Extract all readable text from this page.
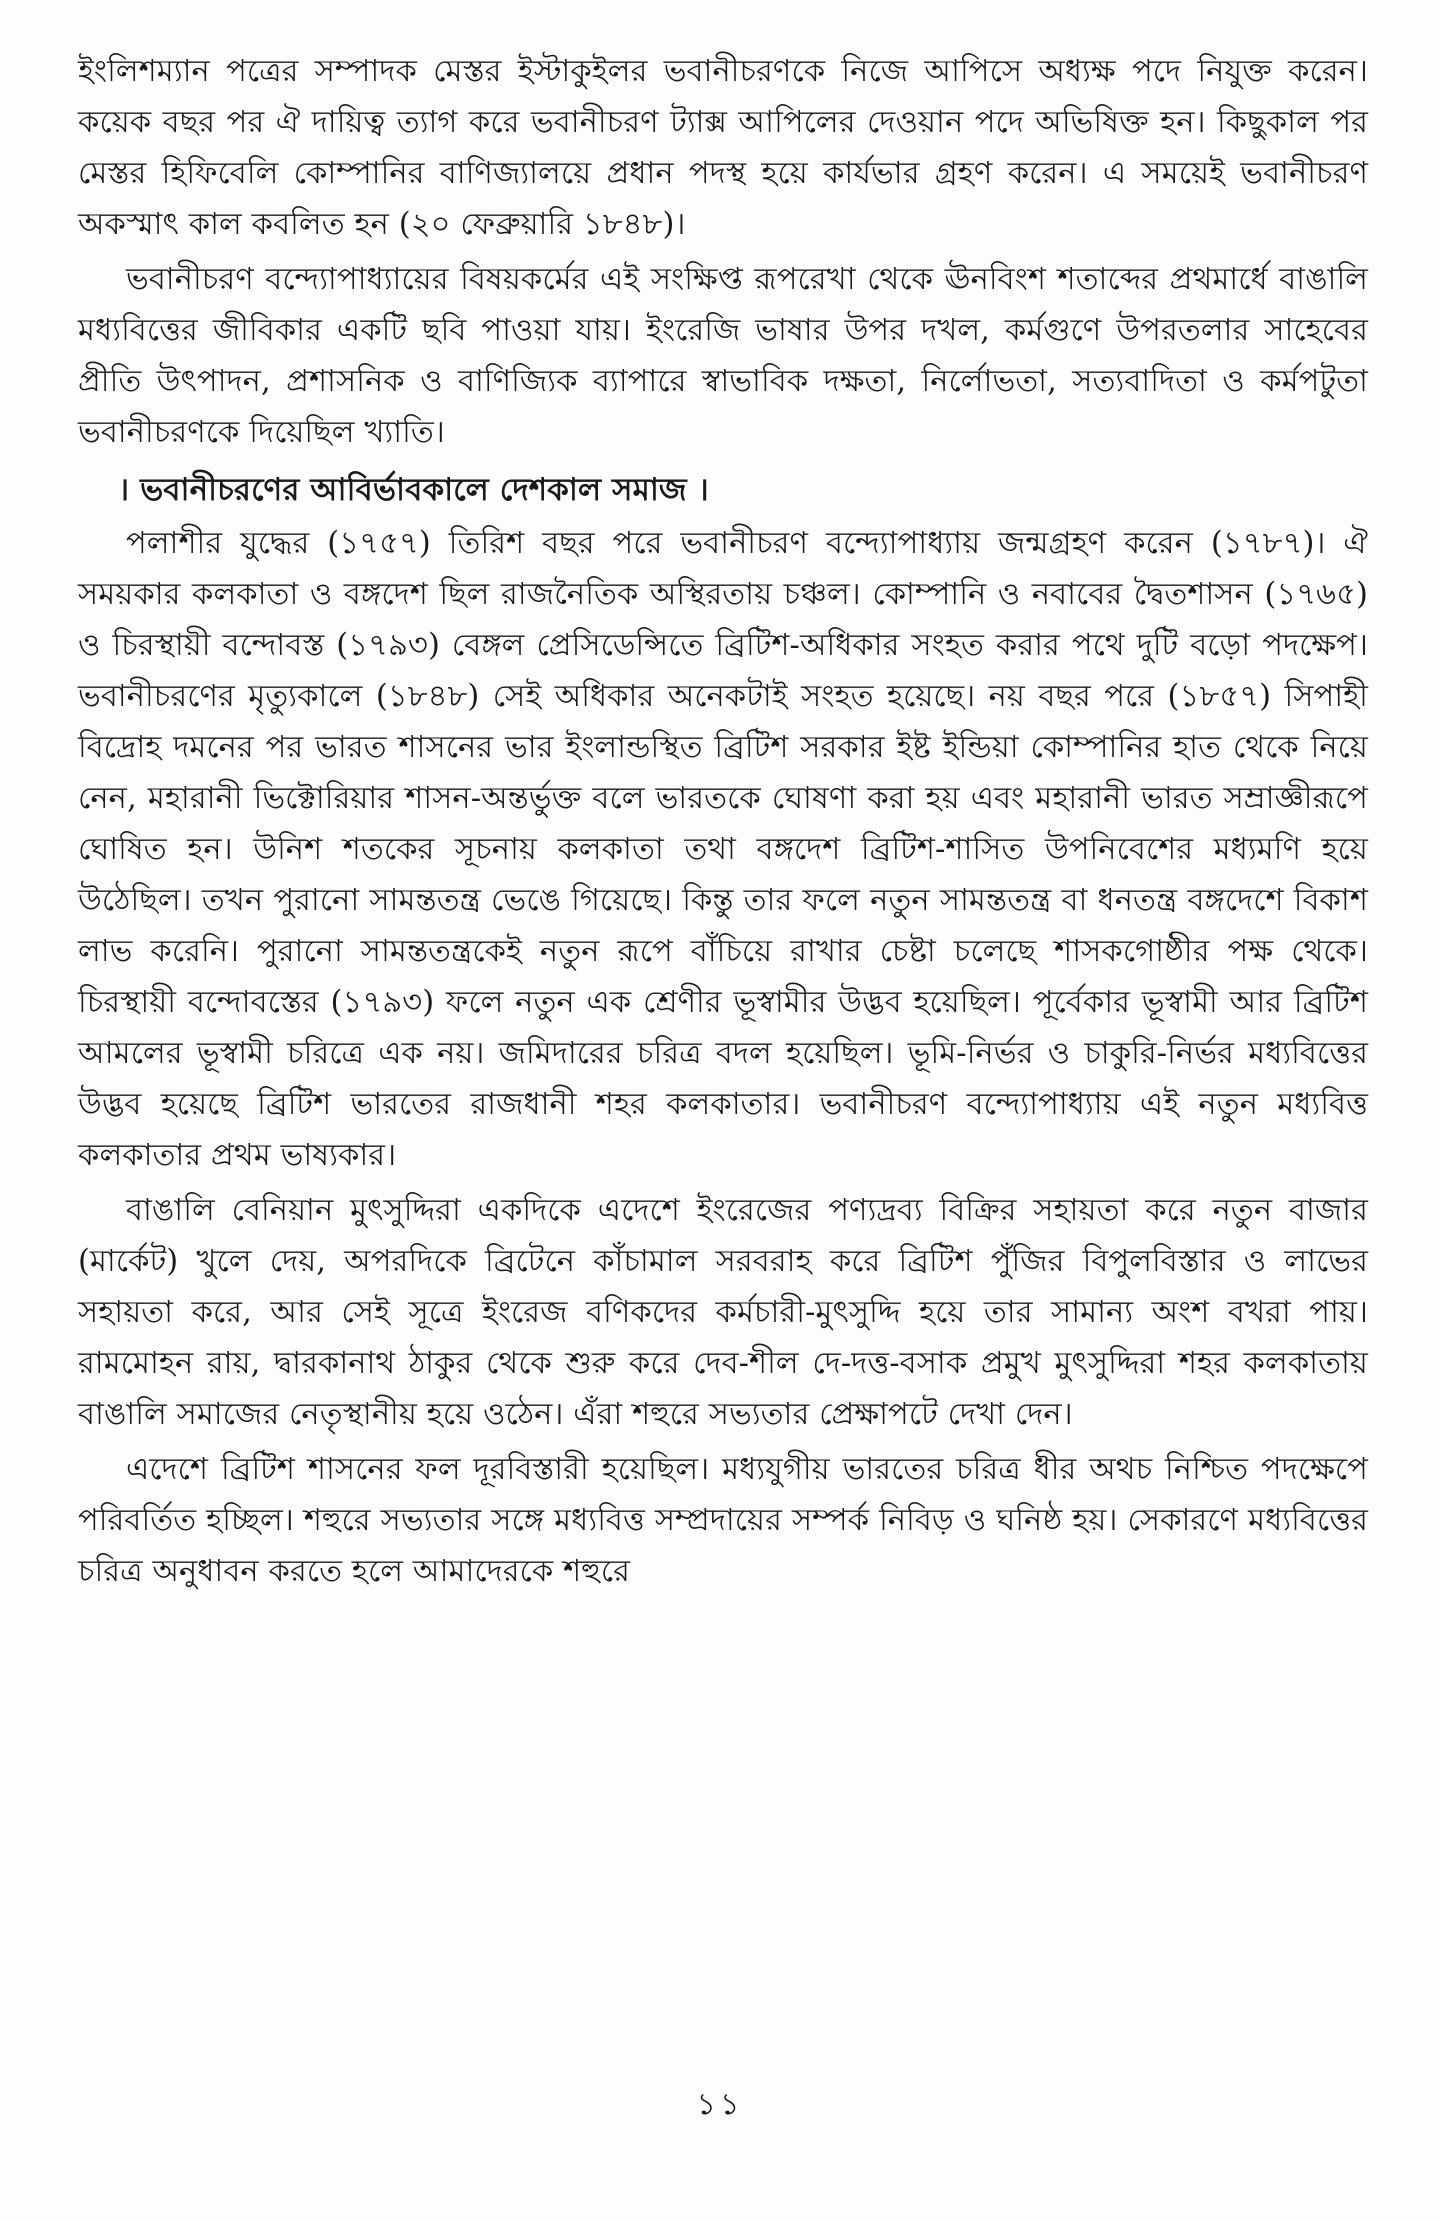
ইংলিশম্যান পত্রের সম্পাদক মেস্তর ইস্টাকুইলর ভবানীচরণকে নিজে আপিসে অধ্যক্ষ পদে নিযুক্ত করেন। কয়েক বছর পর ঐ দায়িত্ব ত্যাগ করে ভবানীচরণ ট্যাক্স আপিলের দেওয়ান পদে অভিষিক্ত হন। কিছুকাল পর মেস্তর হিফিবেলি কোম্পানির বাণিজ্যালয়ে প্রধান পদস্থ হয়ে কার্যভার গ্রহণ করেন। এ সময়েই ভবানীচরণ অকস্মাৎ কাল কবলিত হন (২০ ফেব্রুয়ারি ১৮৪৮)।

ভবানীচরণ বন্দ্যোপাধ্যায়ের বিষয়কর্মের এই সংক্ষিপ্ত রূপরেখা থেকে ঊনবিংশ শতাব্দের প্রথমার্ধে বাঙালি মধ্যবিত্তের জীবিকার একটি ছবি পাওয়া যায়। ইংরেজি ভাষার উপর দখল, কর্মগুণে উপরতলার সাহেবের প্রীতি উৎপাদন, প্রশাসনিক ও বাণিজ্যিক ব্যাপারে স্বাভাবিক দক্ষতা, নির্লোভতা, সত্যবাদিতা ও কর্মপটুতা ভবানীচরণকে দিয়েছিল খ্যাতি।

। ভবানীচরণের আবির্ভাবকালে দেশকাল সমাজ ।

পলাশীর যুদ্ধের (১৭৫৭) তিরিশ বছর পরে ভবানীচরণ বন্দ্যোপাধ্যায় জন্মগ্রহণ করেন (১৭৮৭)। ঐ সময়কার কলকাতা ও বঙ্গদেশ ছিল রাজনৈতিক অস্থিরতায় চঞ্চল। কোম্পানি ও নবাবের দ্বৈতশাসন (১৭৬৫) ও চিরস্থায়ী বন্দোবস্ত (১৭৯৩) বেঙ্গল প্রেসিডেন্সিতে ব্রিটিশ-অধিকার সংহত করার পথে দুটি বড়ো পদক্ষেপ। ভবানীচরণের মৃত্যুকালে (১৮৪৮) সেই অধিকার অনেকটাই সংহত হয়েছে। নয় বছর পরে (১৮৫৭) সিপাহী বিদ্রোহ দমনের পর ভারত শাসনের ভার ইংলান্ডস্থিত ব্রিটিশ সরকার ইষ্ট ইন্ডিয়া কোম্পানির হাত থেকে নিয়ে নেন, মহারানী ভিক্টোরিয়ার শাসন-অন্তর্ভুক্ত বলে ভারতকে ঘোষণা করা হয় এবং মহারানী ভারত সম্রাজ্ঞীরূপে ঘোষিত হন। উনিশ শতকের সূচনায় কলকাতা তথা বঙ্গদেশ ব্রিটিশ-শাসিত উপনিবেশের মধ্যমণি হয়ে উঠেছিল। তখন পুরানো সামন্ততন্ত্র ভেঙে গিয়েছে। কিন্তু তার ফলে নতুন সামন্ততন্ত্র বা ধনতন্ত্র বঙ্গদেশে বিকাশ লাভ করেনি। পুরানো সামন্ততন্ত্রকেই নতুন রূপে বাঁচিয়ে রাখার চেষ্টা চলেছে শাসকগোষ্ঠীর পক্ষ থেকে। চিরস্থায়ী বন্দোবস্তের (১৭৯৩) ফলে নতুন এক শ্রেণীর ভূস্বামীর উদ্ভব হয়েছিল। পূর্বেকার ভূস্বামী আর ব্রিটিশ আমলের ভূস্বামী চরিত্রে এক নয়। জমিদারের চরিত্র বদল হয়েছিল। ভূমি-নির্ভর ও চাকুরি-নির্ভর মধ্যবিত্তের উদ্ভব হয়েছে ব্রিটিশ ভারতের রাজধানী শহর কলকাতার। ভবানীচরণ বন্দ্যোপাধ্যায় এই নতুন মধ্যবিত্ত কলকাতার প্রথম ভাষ্যকার।

বাঙালি বেনিয়ান মুৎসুদ্দিরা একদিকে এদেশে ইংরেজের পণ্যদ্রব্য বিক্রির সহায়তা করে নতুন বাজার (মার্কেট) খুলে দেয়, অপরদিকে ব্রিটেনে কাঁচামাল সরবরাহ করে ব্রিটিশ পুঁজির বিপুলবিস্তার ও লাভের সহায়তা করে, আর সেই সূত্রে ইংরেজ বণিকদের কর্মচারী-মুৎসুদ্দি হয়ে তার সামান্য অংশ বখরা পায়। রামমোহন রায়, দ্বারকানাথ ঠাকুর থেকে শুরু করে দেব-শীল দে-দত্ত-বসাক প্রমুখ মুৎসুদ্দিরা শহর কলকাতায় বাঙালি সমাজের নেতৃস্থানীয় হয়ে ওঠেন। এঁরা শহুরে সভ্যতার প্রেক্ষাপটে দেখা দেন।

এদেশে ব্রিটিশ শাসনের ফল দূরবিস্তারী হয়েছিল। মধ্যযুগীয় ভারতের চরিত্র ধীর অথচ নিশ্চিত পদক্ষেপে পরিবর্তিত হচ্ছিল। শহুরে সভ্যতার সঙ্গে মধ্যবিত্ত সম্প্রদায়ের সম্পর্ক নিবিড় ও ঘনিষ্ঠ হয়। সেকারণে মধ্যবিত্তের চরিত্র অনুধাবন করতে হলে আমাদেরকে শহুরে

১১
